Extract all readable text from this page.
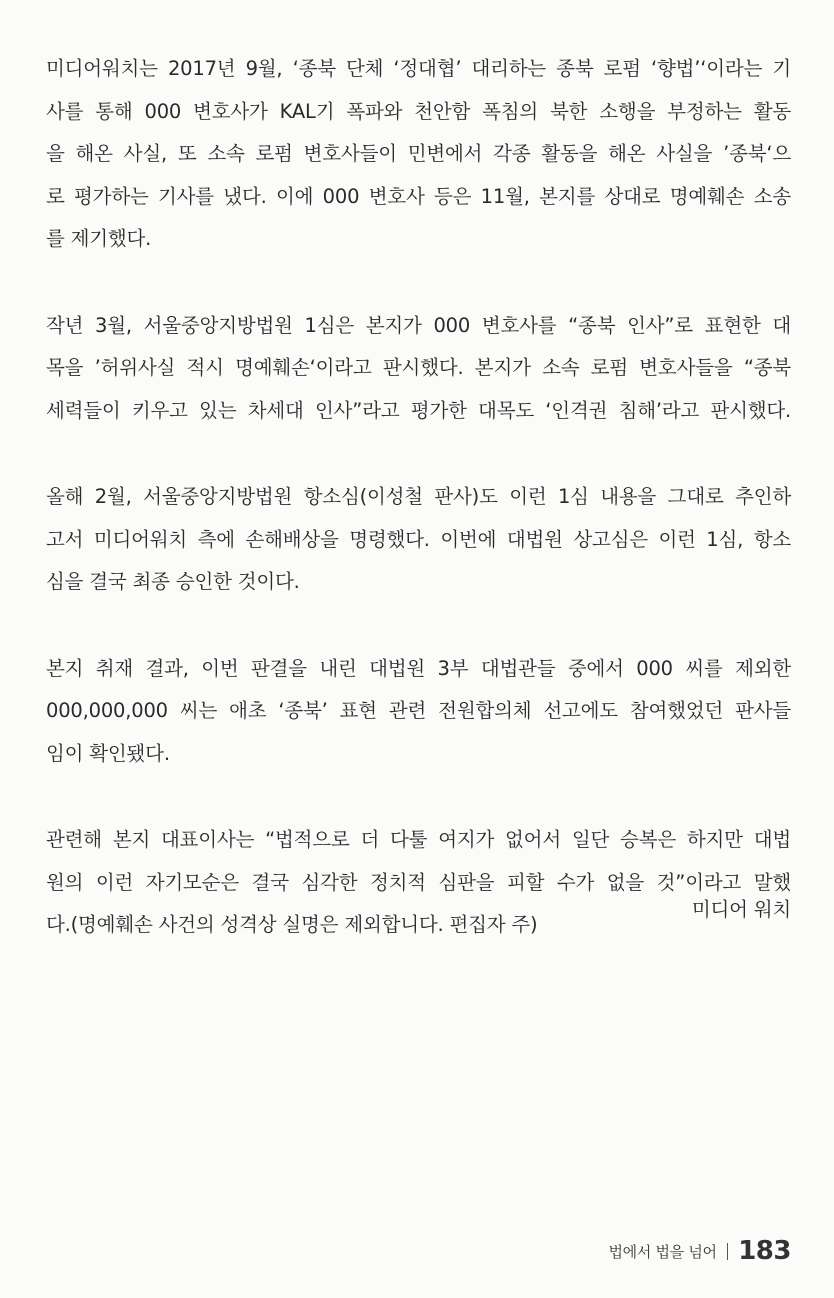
미디어워치는 2017년 9월, ‘종북 단체 ‘정대협’ 대리하는 종북 로펌 ‘향법’‘이라는 기
사를 통해 000 변호사가 KAL기 폭파와 천안함 폭침의 북한 소행을 부정하는 활동
을 해온 사실, 또 소속 로펌 변호사들이 민변에서 각종 활동을 해온 사실을 ’종북‘으
로 평가하는 기사를 냈다. 이에 000 변호사 등은 11월, 본지를 상대로 명예훼손 소송
를 제기했다.

작년 3월, 서울중앙지방법원 1심은 본지가 000 변호사를 “종북 인사”로 표현한 대
목을 ’허위사실 적시 명예훼손‘이라고 판시했다. 본지가 소속 로펌 변호사들을 “종북
세력들이 키우고 있는 차세대 인사”라고 평가한 대목도 ‘인격권 침해’라고 판시했다.

올해 2월, 서울중앙지방법원 항소심(이성철 판사)도 이런 1심 내용을 그대로 추인하
고서 미디어워치 측에 손해배상을 명령했다. 이번에 대법원 상고심은 이런 1심, 항소
심을 결국 최종 승인한 것이다.

본지 취재 결과, 이번 판결을 내린 대법원 3부 대법관들 중에서 000 씨를 제외한
000,000,000 씨는 애초 ‘종북’ 표현 관련 전원합의체 선고에도 참여했었던 판사들
임이 확인됐다.

관련해 본지 대표이사는 “법적으로 더 다툴 여지가 없어서 일단 승복은 하지만 대법
원의 이런 자기모순은 결국 심각한 정치적 심판을 피할 수가 없을 것”이라고 말했
다.(명예훼손 사건의 성격상 실명은 제외합니다. 편집자 주)

미디어 워치
법에서 법을 넘어 183
